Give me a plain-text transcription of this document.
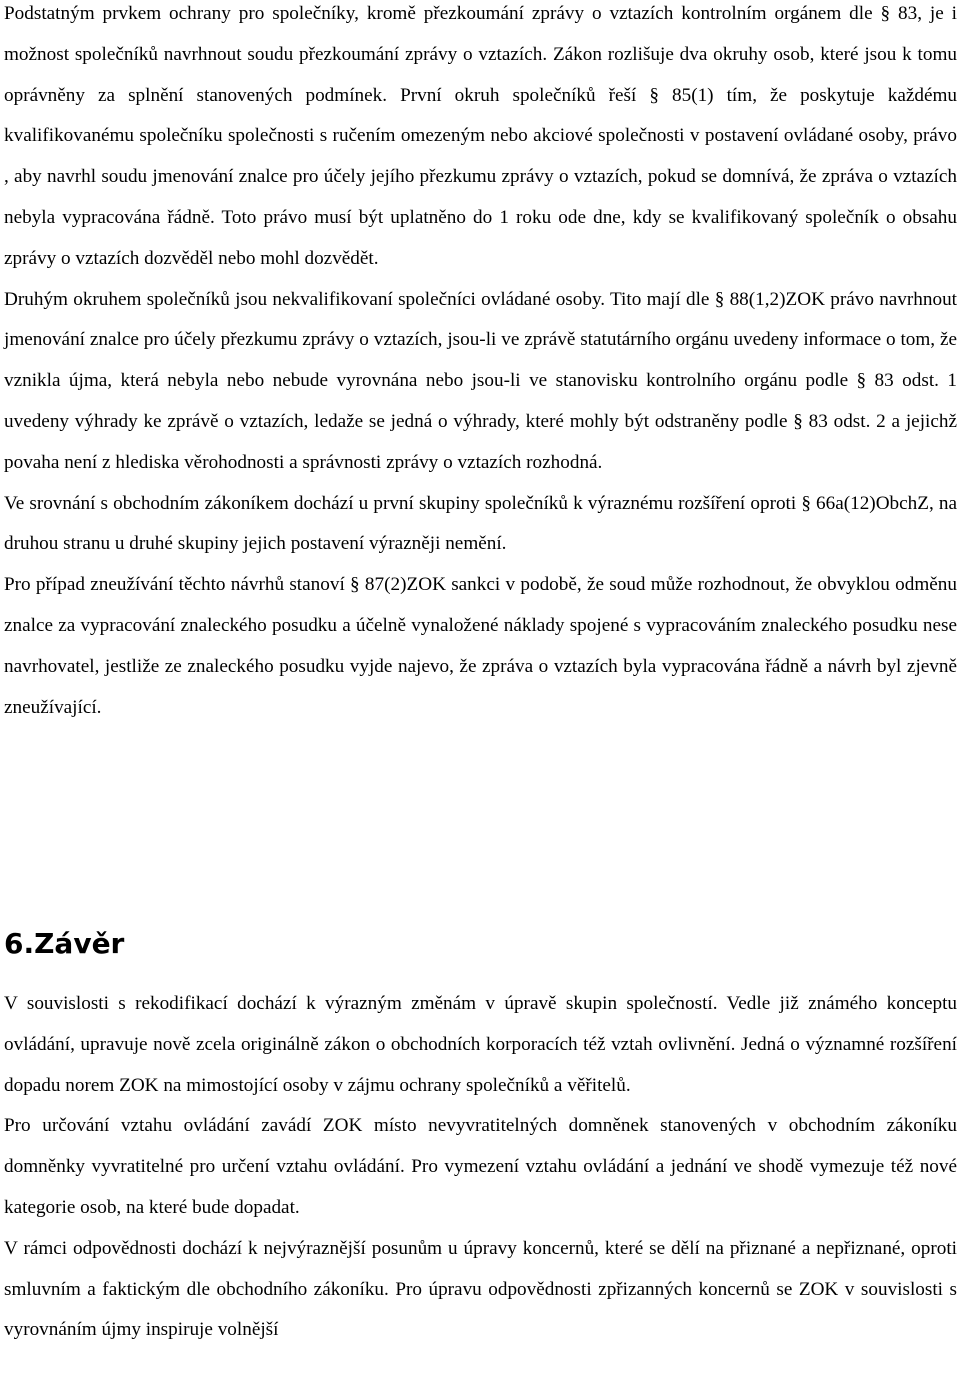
Podstatným prvkem ochrany pro společníky, kromě přezkoumání zprávy o vztazích kontrolním orgánem dle § 83, je i možnost společníků navrhnout soudu přezkoumání zprávy o vztazích. Zákon rozlišuje dva okruhy osob, které jsou k tomu oprávněny za splnění stanovených podmínek. První okruh společníků řeší § 85(1) tím, že poskytuje každému kvalifikovanému společníku společnosti s ručením omezeným nebo akciové společnosti v postavení ovládané osoby, právo , aby navrhl soudu jmenování znalce pro účely jejího přezkumu zprávy o vztazích, pokud se domnívá, že zpráva o vztazích nebyla vypracována řádně. Toto právo musí být uplatněno do 1 roku ode dne, kdy se kvalifikovaný společník o obsahu zprávy o vztazích dozvěděl nebo mohl dozvědět.

Druhým okruhem společníků jsou nekvalifikovaní společníci ovládané osoby. Tito mají dle § 88(1,2)ZOK právo navrhnout jmenování znalce pro účely přezkumu zprávy o vztazích, jsou-li ve zprávě statutárního orgánu uvedeny informace o tom, že vznikla újma, která nebyla nebo nebude vyrovnána nebo jsou-li ve stanovisku kontrolního orgánu podle § 83 odst. 1 uvedeny výhrady ke zprávě o vztazích, ledaže se jedná o výhrady, které mohly být odstraněny podle § 83 odst. 2 a jejichž povaha není z hlediska věrohodnosti a správnosti zprávy o vztazích rozhodná.

Ve srovnání s obchodním zákoníkem dochází u první skupiny společníků k výraznému rozšíření oproti § 66a(12)ObchZ, na druhou stranu u druhé skupiny jejich postavení výrazněji nemění.

Pro případ zneužívání těchto návrhů stanoví § 87(2)ZOK sankci v podobě, že soud může rozhodnout, že obvyklou odměnu znalce za vypracování znaleckého posudku a účelně vynaložené náklady spojené s vypracováním znaleckého posudku nese navrhovatel, jestliže ze znaleckého posudku vyjde najevo, že zpráva o vztazích byla vypracována řádně a návrh byl zjevně zneužívající.

6.Závěr

V souvislosti s rekodifikací dochází k výrazným změnám v úpravě skupin společností. Vedle již známého konceptu ovládání, upravuje nově zcela originálně zákon o obchodních korporacích též vztah ovlivnění. Jedná o významné rozšíření dopadu norem ZOK na mimostojící osoby v zájmu ochrany společníků a věřitelů.

Pro určování vztahu ovládání zavádí ZOK místo nevyvratitelných domněnek stanovených v obchodním zákoníku domněnky vyvratitelné pro určení vztahu ovládání. Pro vymezení vztahu ovládání a jednání ve shodě vymezuje též nové kategorie osob, na které bude dopadat.

V rámci odpovědnosti dochází k nejvýraznější posunům u úpravy koncernů, které se dělí na přiznané a nepřiznané, oproti smluvním a faktickým dle obchodního zákoníku. Pro úpravu odpovědnosti zpřizanných koncernů se ZOK v souvislosti s vyrovnáním újmy inspiruje volnější
